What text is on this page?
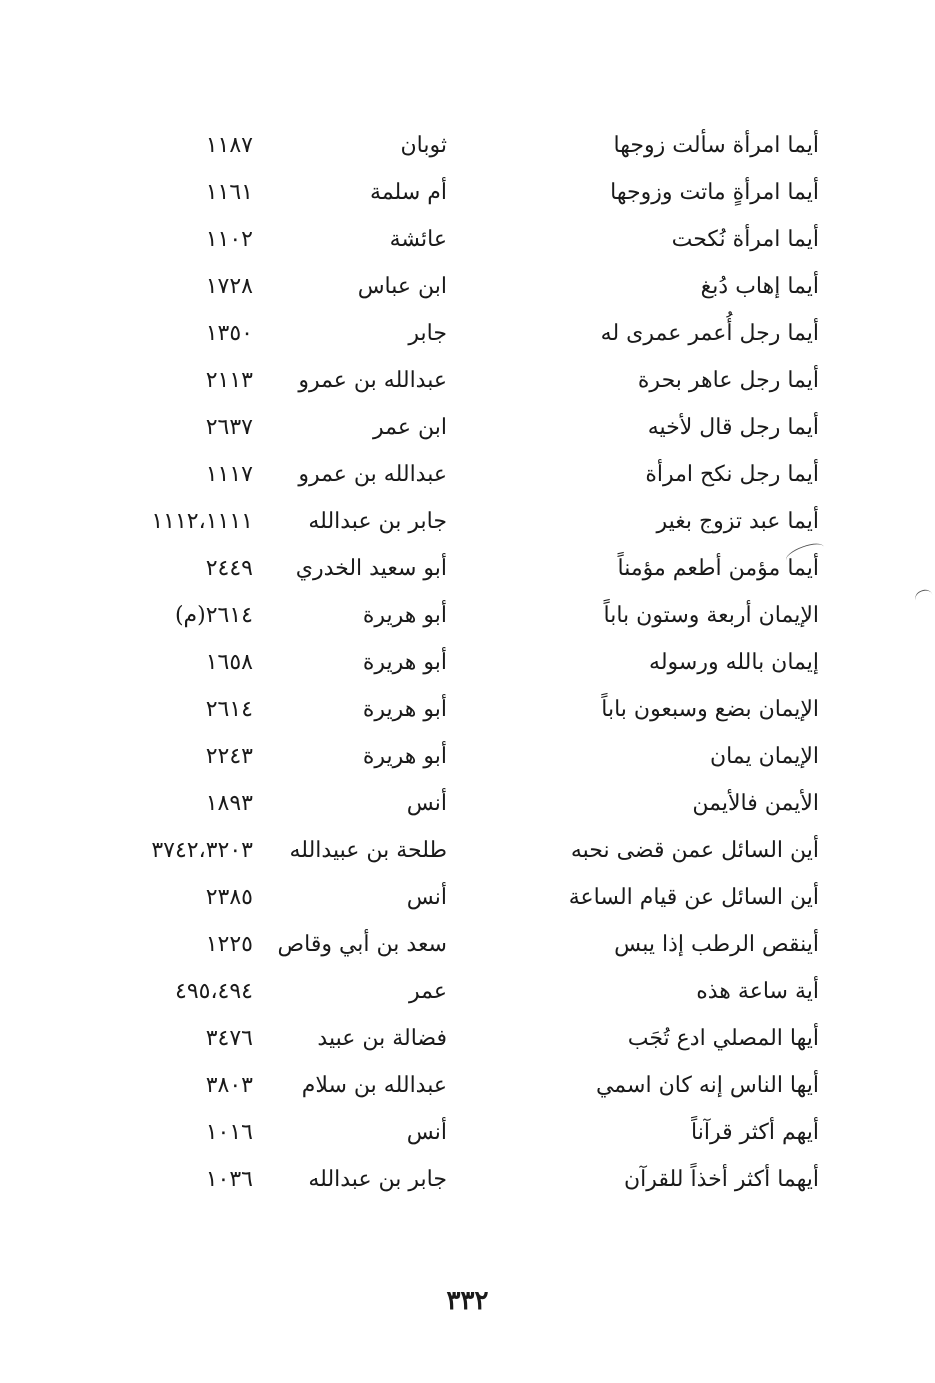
أيما امرأة سألت زوجها
ثوبان
١١٨٧
أيما امرأةٍ ماتت وزوجها
أم سلمة
١١٦١
أيما امرأة نُكحت
عائشة
١١٠٢
أيما إهاب دُبغ
ابن عباس
١٧٢٨
أيما رجل أُعمر عمرى له
جابر
١٣٥٠
أيما رجل عاهر بحرة
عبدالله بن عمرو
٢١١٣
أيما رجل قال لأخيه
ابن عمر
٢٦٣٧
أيما رجل نكح امرأة
عبدالله بن عمرو
١١١٧
أيما عبد تزوج بغير
جابر بن عبدالله
١١١٢،١١١١
أيما مؤمن أطعم مؤمناً
أبو سعيد الخدري
٢٤٤٩
الإيمان أربعة وستون باباً
أبو هريرة
٢٦١٤(م)
إيمان بالله ورسوله
أبو هريرة
١٦٥٨
الإيمان بضع وسبعون باباً
أبو هريرة
٢٦١٤
الإيمان يمان
أبو هريرة
٢٢٤٣
الأيمن فالأيمن
أنس
١٨٩٣
أين السائل عمن قضى نحبه
طلحة بن عبيدالله
٣٧٤٢،٣٢٠٣
أين السائل عن قيام الساعة
أنس
٢٣٨٥
أينقص الرطب إذا يبس
سعد بن أبي وقاص
١٢٢٥
أية ساعة هذه
عمر
٤٩٥،٤٩٤
أيها المصلي ادع تُجَب
فضالة بن عبيد
٣٤٧٦
أيها الناس إنه كان اسمي
عبدالله بن سلام
٣٨٠٣
أيهم أكثر قرآناً
أنس
١٠١٦
أيهما أكثر أخذاً للقرآن
جابر بن عبدالله
١٠٣٦
٣٣٢
